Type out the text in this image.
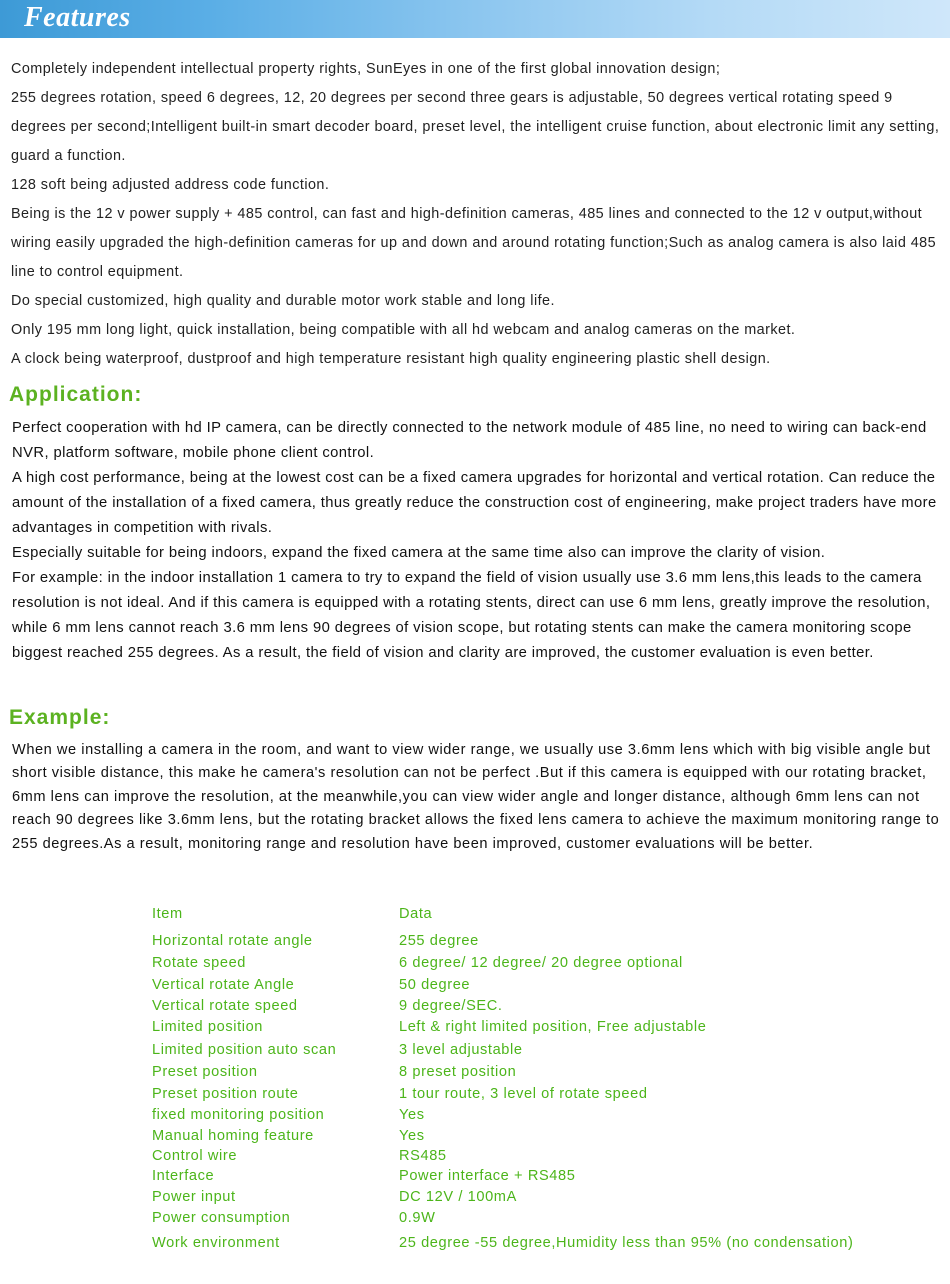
Features

Completely independent intellectual property rights, SunEyes in one of the first global innovation design;

255 degrees rotation, speed 6 degrees, 12, 20 degrees per second three gears is adjustable, 50 degrees vertical rotating speed 9 degrees per second;Intelligent built-in smart decoder board, preset level, the intelligent cruise function, about electronic limit any setting, guard a function.

128 soft being adjusted address code function.

Being is the 12 v power supply + 485 control, can fast and high-definition cameras, 485 lines and connected to the 12 v output,without wiring easily upgraded the high-definition cameras for up and down and around rotating function;Such as analog camera is also laid 485 line to control equipment.

Do special customized, high quality and durable motor work stable and long life.

Only 195 mm long light, quick installation, being compatible with all hd webcam and analog cameras on the market.

A clock being waterproof, dustproof and high temperature resistant high quality engineering plastic shell design.

Application:

Perfect cooperation with hd IP camera, can be directly connected to the network module of 485 line, no need to wiring can back-end NVR, platform software, mobile phone client control.

A high cost performance, being at the lowest cost can be a fixed camera upgrades for horizontal and vertical rotation. Can reduce the amount of the installation of a fixed camera, thus greatly reduce the construction cost of engineering, make project traders have more advantages in competition with rivals.

Especially suitable for being indoors, expand the fixed camera at the same time also can improve the clarity of vision.

For example: in the indoor installation 1 camera to try to expand the field of vision usually use 3.6 mm lens,this leads to the camera resolution is not ideal. And if this camera is equipped with a rotating stents, direct can use 6 mm lens, greatly improve the resolution, while 6 mm lens cannot reach 3.6 mm lens 90 degrees of vision scope, but rotating stents can make the camera monitoring scope biggest reached 255 degrees. As a result, the field of vision and clarity are improved, the customer evaluation is even better.

Example:

When we installing a camera in the room, and want to view wider range, we usually use 3.6mm lens which with big visible angle but short visible distance, this make he camera's resolution can not be perfect .But if this camera is equipped with our rotating bracket, 6mm lens can improve the resolution, at the meanwhile,you can view wider angle and longer distance, although 6mm lens can not reach 90 degrees like 3.6mm lens, but the rotating bracket allows the fixed lens camera to achieve the maximum monitoring range to 255 degrees.As a result, monitoring range and resolution have been improved, customer evaluations will be better.

Item	Data
Horizontal rotate angle	255 degree
Rotate speed	6 degree/ 12 degree/ 20 degree optional
Vertical rotate Angle	50 degree
Vertical rotate speed	9 degree/SEC.
Limited position	Left & right limited position, Free adjustable
Limited position auto scan	3 level adjustable
Preset position	8 preset position
Preset position route	1 tour route, 3 level of rotate speed
fixed monitoring position	Yes
Manual homing feature	Yes
Control wire	RS485
Interface	Power interface + RS485
Power input	DC 12V / 100mA
Power consumption	0.9W
Work environment	25 degree -55 degree,Humidity less than 95% (no condensation)
